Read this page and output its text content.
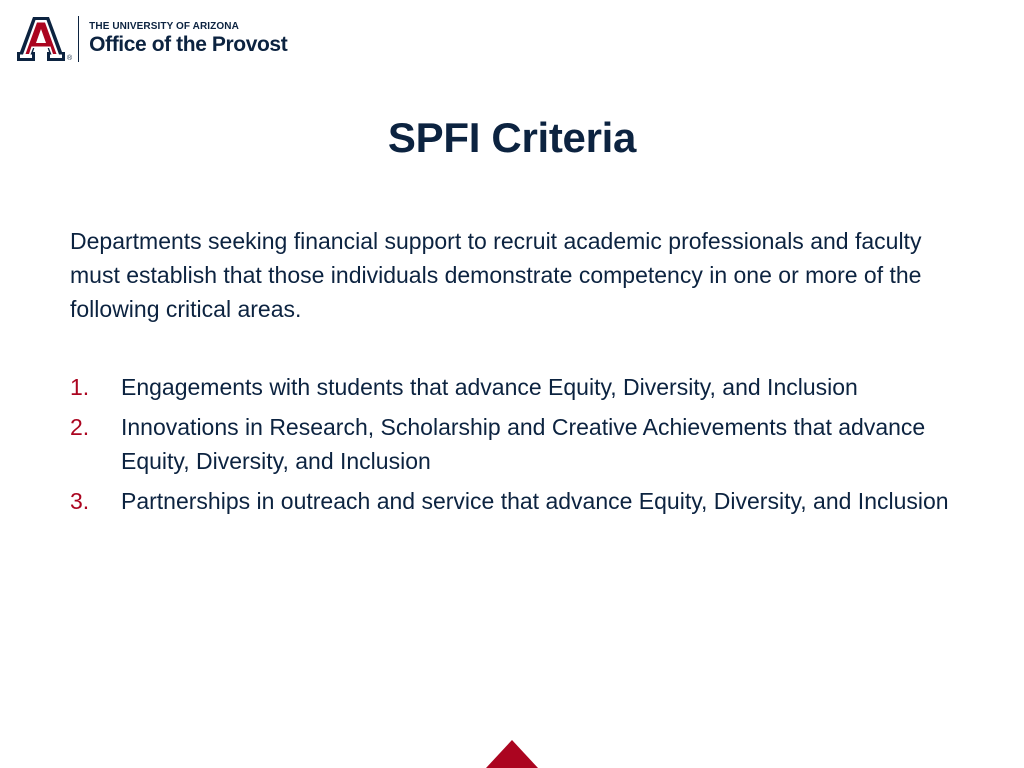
®
THE UNIVERSITY OF ARIZONA
Office of the Provost
SPFI Criteria

Departments seeking financial support to recruit academic professionals and faculty must establish that those individuals demonstrate competency in one or more of the following critical areas.

1.	Engagements with students that advance Equity, Diversity, and Inclusion
2.	Innovations in Research, Scholarship and Creative Achievements that advance Equity, Diversity, and Inclusion
3.	Partnerships in outreach and service that advance Equity, Diversity, and Inclusion
